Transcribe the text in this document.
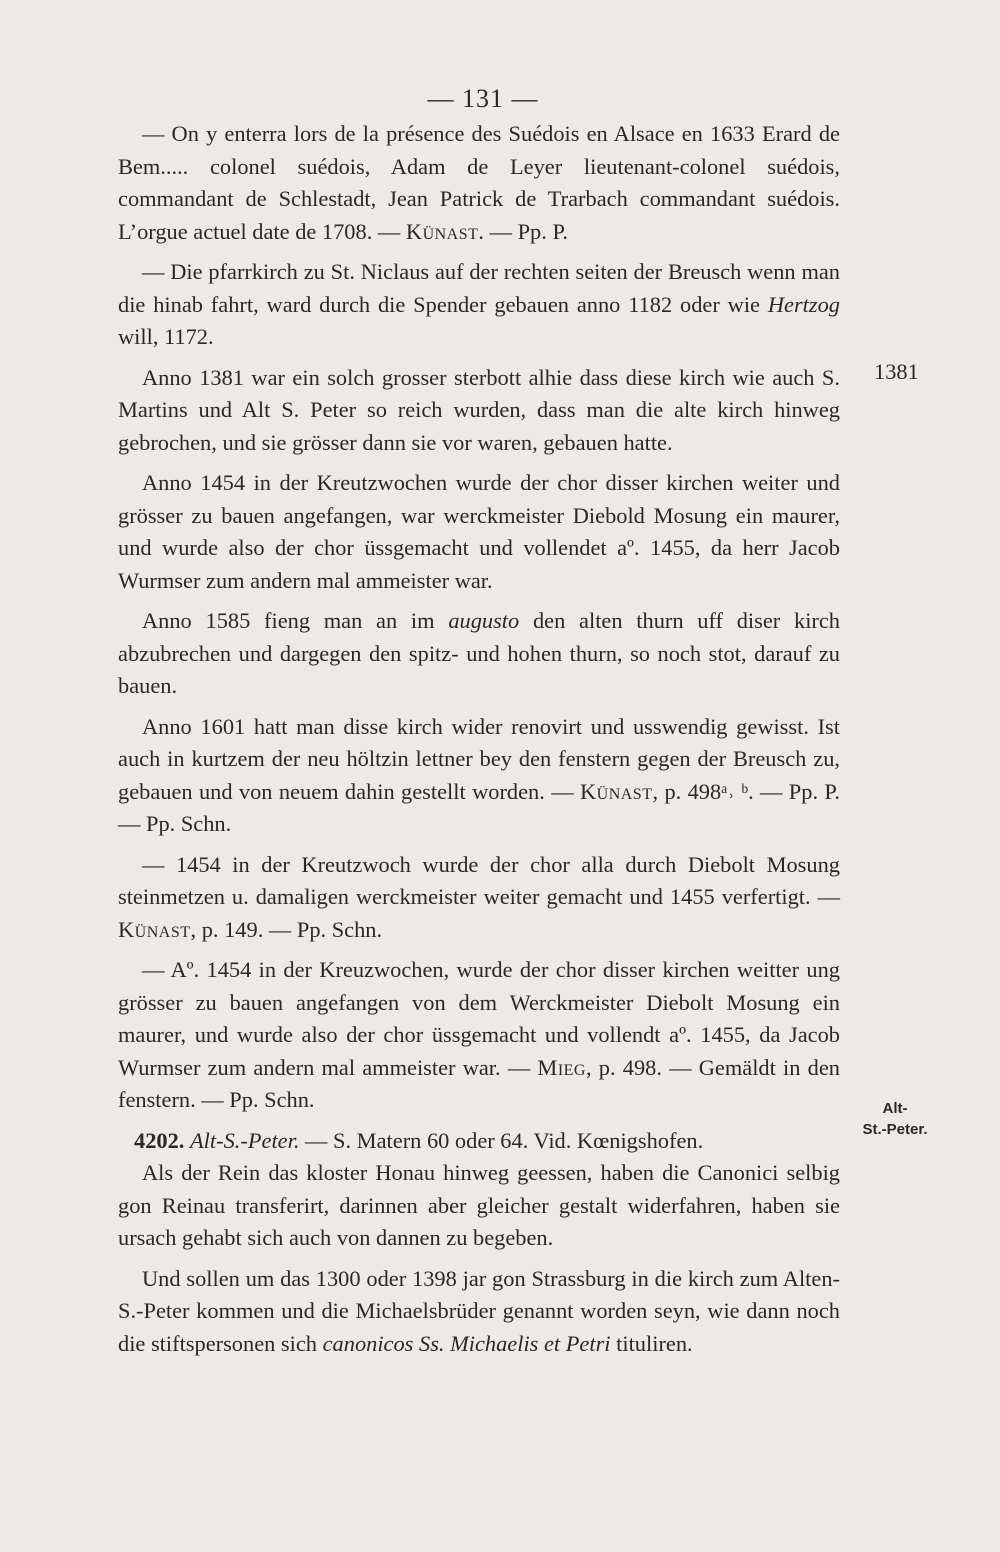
— 131 —

— On y enterra lors de la présence des Suédois en Alsace en 1633 Erard de Bem..... colonel suédois, Adam de Leyer lieutenant-colonel suédois, commandant de Schlestadt, Jean Patrick de Trarbach commandant suédois. L’orgue actuel date de 1708. — Künast. — Pp. P.

— Die pfarrkirch zu St. Niclaus auf der rechten seiten der Breusch wenn man die hinab fahrt, ward durch die Spender gebauen anno 1182 oder wie Hertzog will, 1172.

Anno 1381 war ein solch grosser sterbott alhie dass diese kirch wie auch S. Martins und Alt S. Peter so reich wurden, dass man die alte kirch hinweg gebrochen, und sie grösser dann sie vor waren, gebauen hatte.

Anno 1454 in der Kreutzwochen wurde der chor disser kirchen weiter und grösser zu bauen angefangen, war werckmeister Diebold Mosung ein maurer, und wurde also der chor üssgemacht und vollendet aº. 1455, da herr Jacob Wurmser zum andern mal ammeister war.

Anno 1585 fieng man an im augusto den alten thurn uff diser kirch abzubrechen und dargegen den spitz- und hohen thurn, so noch stot, darauf zu bauen.

Anno 1601 hatt man disse kirch wider renovirt und usswendig gewisst. Ist auch in kurtzem der neu höltzin lettner bey den fenstern gegen der Breusch zu, gebauen und von neuem dahin gestellt worden. — Künast, p. 498ᵃ˒ ᵇ. — Pp. P. — Pp. Schn.

— 1454 in der Kreutzwoch wurde der chor alla durch Diebolt Mosung steinmetzen u. damaligen werckmeister weiter gemacht und 1455 verfertigt. — Künast, p. 149. — Pp. Schn.

— Aº. 1454 in der Kreuzwochen, wurde der chor disser kirchen weitter ung grösser zu bauen angefangen von dem Werckmeister Diebolt Mosung ein maurer, und wurde also der chor üssgemacht und vollendt aº. 1455, da Jacob Wurmser zum andern mal ammeister war. — Mieg, p. 498. — Gemäldt in den fenstern. — Pp. Schn.

4202. Alt-S.-Peter. — S. Matern 60 oder 64. Vid. Kœnigshofen.

Als der Rein das kloster Honau hinweg geessen, haben die Canonici selbig gon Reinau transferirt, darinnen aber gleicher gestalt widerfahren, haben sie ursach gehabt sich auch von dannen zu begeben.

Und sollen um das 1300 oder 1398 jar gon Strassburg in die kirch zum Alten-S.-Peter kommen und die Michaelsbrüder genannt worden seyn, wie dann noch die stiftspersonen sich canonicos Ss. Michaelis et Petri tituliren.

1381
Alt-
St.-Peter.
